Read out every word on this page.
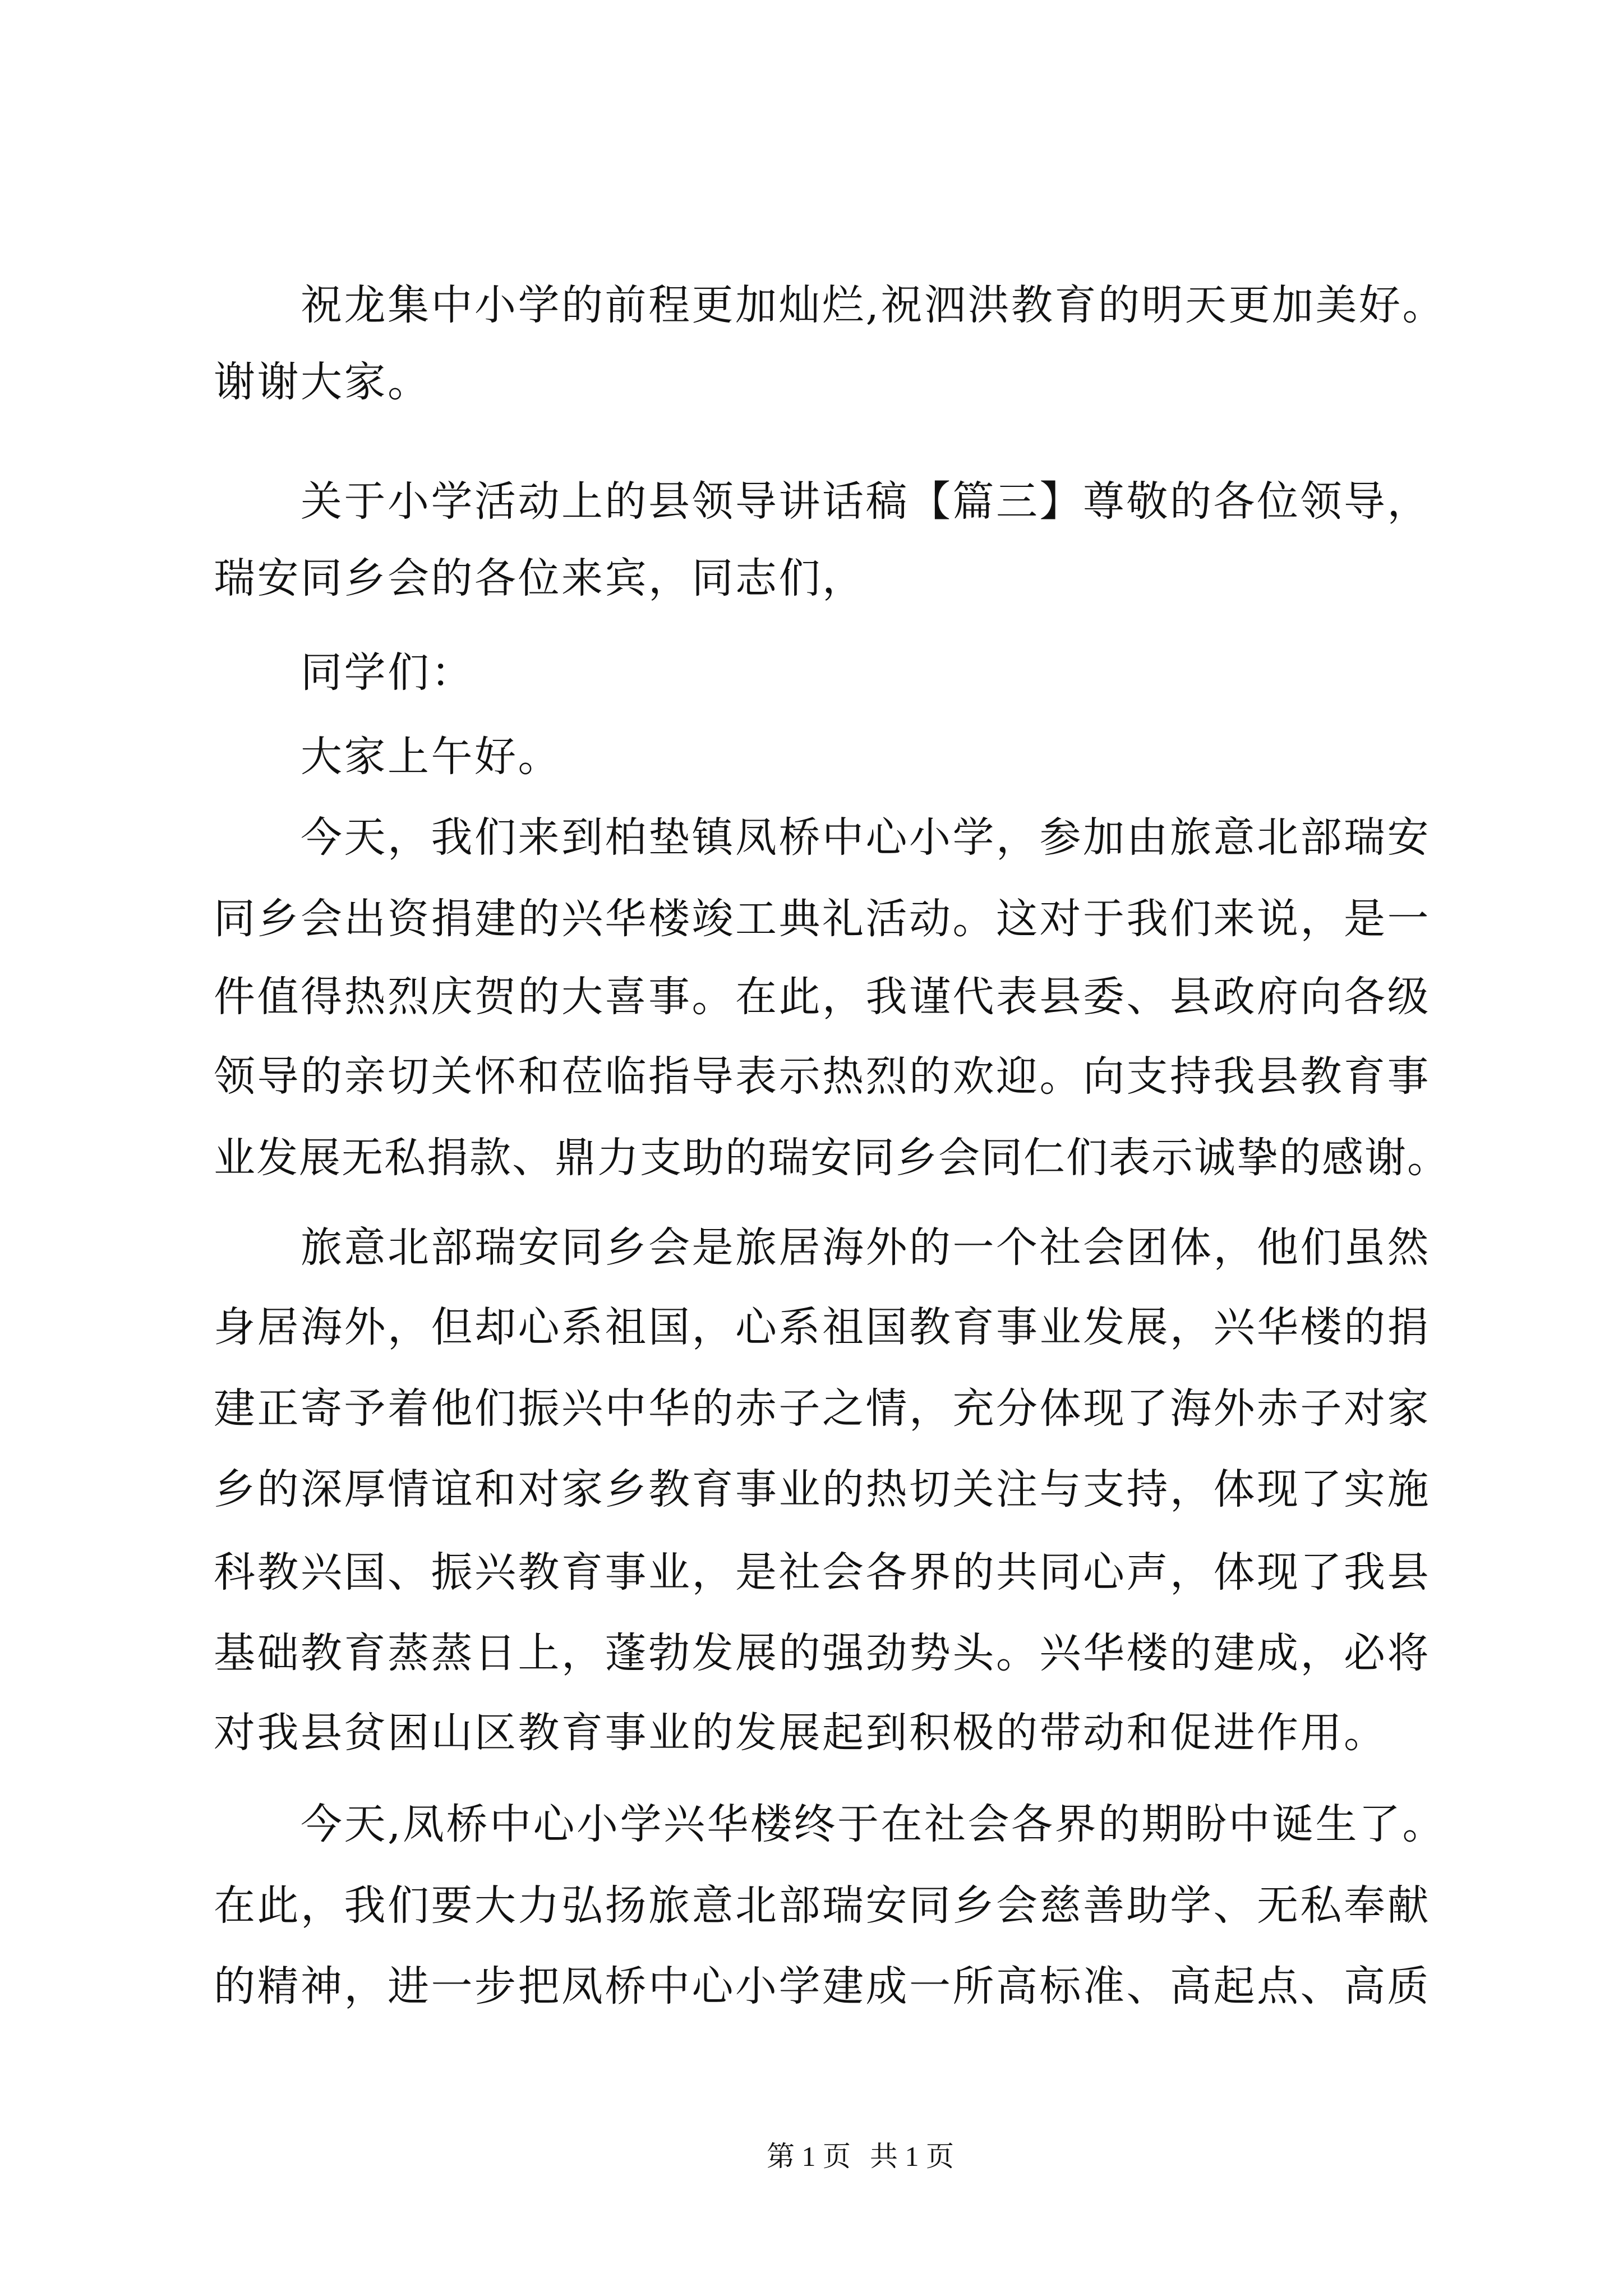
祝龙集中小学的前程更加灿烂,祝泗洪教育的明天更加美好。
谢谢大家。
关于小学活动上的县领导讲话稿【篇三】尊敬的各位领导，
瑞安同乡会的各位来宾，同志们，
同学们：
大家上午好。
今天，我们来到柏垫镇凤桥中心小学，参加由旅意北部瑞安
同乡会出资捐建的兴华楼竣工典礼活动。这对于我们来说，是一
件值得热烈庆贺的大喜事。在此，我谨代表县委、县政府向各级
领导的亲切关怀和莅临指导表示热烈的欢迎。向支持我县教育事
业发展无私捐款、鼎力支助的瑞安同乡会同仁们表示诚挚的感谢。
旅意北部瑞安同乡会是旅居海外的一个社会团体，他们虽然
身居海外，但却心系祖国，心系祖国教育事业发展，兴华楼的捐
建正寄予着他们振兴中华的赤子之情，充分体现了海外赤子对家
乡的深厚情谊和对家乡教育事业的热切关注与支持，体现了实施
科教兴国、振兴教育事业，是社会各界的共同心声，体现了我县
基础教育蒸蒸日上，蓬勃发展的强劲势头。兴华楼的建成，必将
对我县贫困山区教育事业的发展起到积极的带动和促进作用。
今天,凤桥中心小学兴华楼终于在社会各界的期盼中诞生了。
在此，我们要大力弘扬旅意北部瑞安同乡会慈善助学、无私奉献
的精神，进一步把凤桥中心小学建成一所高标准、高起点、高质
第 1 页 共 1 页
